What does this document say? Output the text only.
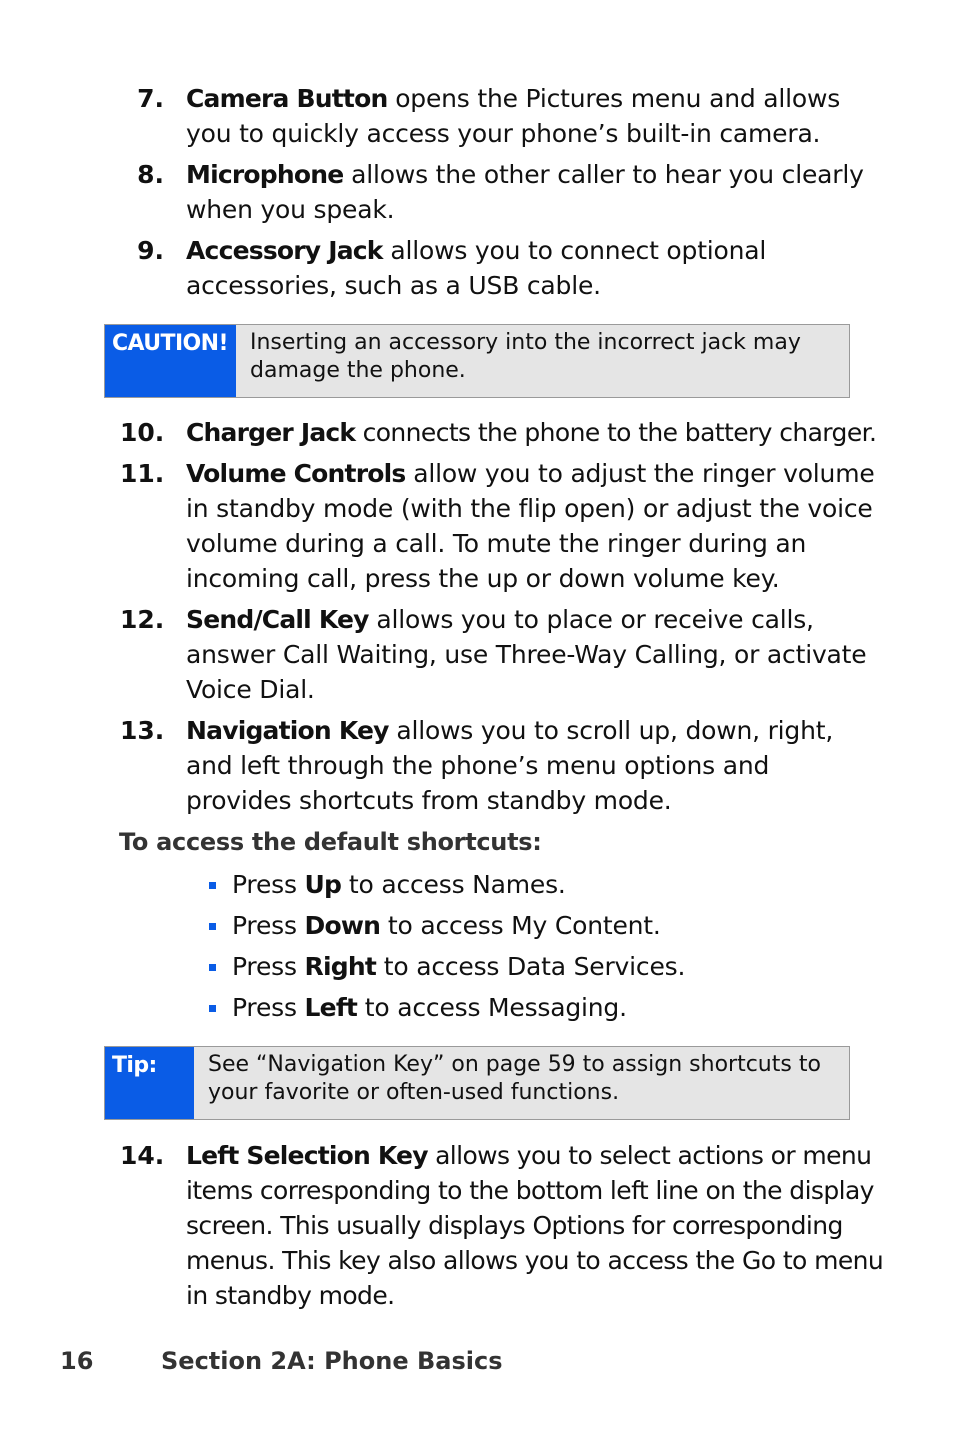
7. Camera Button opens the Pictures menu and allows you to quickly access your phone’s built-in camera.
8. Microphone allows the other caller to hear you clearly when you speak.
9. Accessory Jack allows you to connect optional accessories, such as a USB cable.
CAUTION!	Inserting an accessory into the incorrect jack may damage the phone.
10. Charger Jack connects the phone to the battery charger.
11. Volume Controls allow you to adjust the ringer volume in standby mode (with the flip open) or adjust the voice volume during a call. To mute the ringer during an incoming call, press the up or down volume key.
12. Send/Call Key allows you to place or receive calls, answer Call Waiting, use Three-Way Calling, or activate Voice Dial.
13. Navigation Key allows you to scroll up, down, right, and left through the phone’s menu options and provides shortcuts from standby mode.
To access the default shortcuts:
Press Up to access Names.
Press Down to access My Content.
Press Right to access Data Services.
Press Left to access Messaging.
Tip:	See “Navigation Key” on page 59 to assign shortcuts to your favorite or often-used functions.
14. Left Selection Key allows you to select actions or menu items corresponding to the bottom left line on the display screen. This usually displays Options for corresponding menus. This key also allows you to access the Go to menu in standby mode.
16	Section 2A: Phone Basics
